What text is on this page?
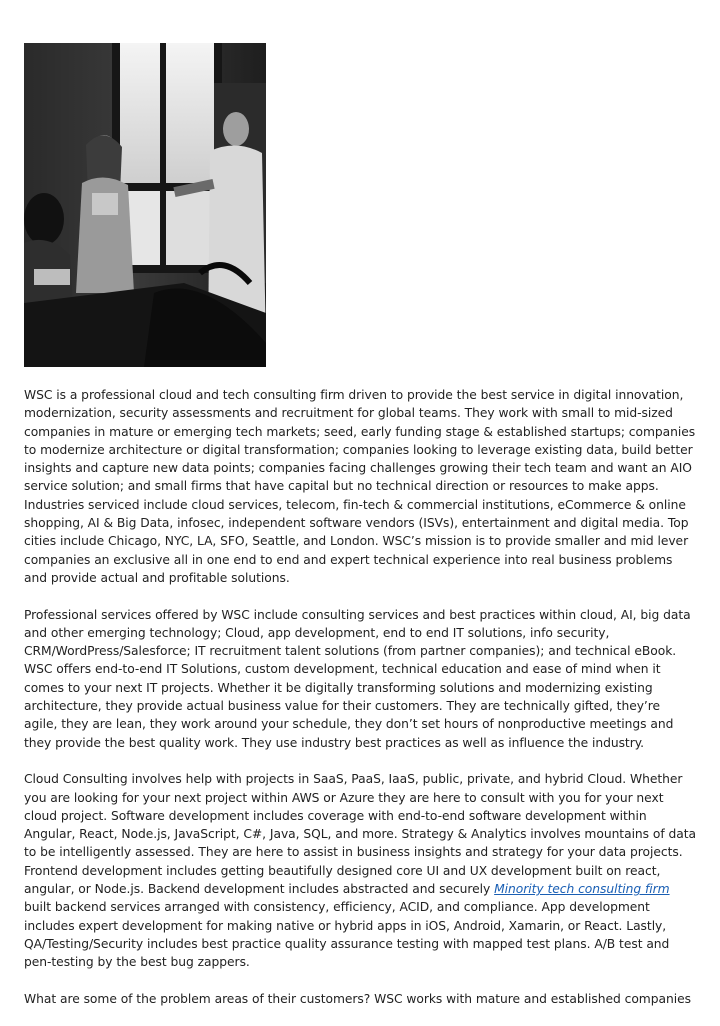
WSC is a professional cloud and tech consulting firm driven to provide the best service in digital innovation, modernization, security assessments and recruitment for global teams. They work with small to mid-sized companies in mature or emerging tech markets; seed, early funding stage & established startups; companies to modernize architecture or digital transformation; companies looking to leverage existing data, build better insights and capture new data points; companies facing challenges growing their tech team and want an AIO service solution; and small firms that have capital but no technical direction or resources to make apps. Industries serviced include cloud services, telecom, fin-tech & commercial institutions, eCommerce & online shopping, AI & Big Data, infosec, independent software vendors (ISVs), entertainment and digital media. Top cities include Chicago, NYC, LA, SFO, Seattle, and London. WSC’s mission is to provide smaller and mid lever companies an exclusive all in one end to end and expert technical experience into real business problems and provide actual and profitable solutions.

Professional services offered by WSC include consulting services and best practices within cloud, AI, big data and other emerging technology; Cloud, app development, end to end IT solutions, info security, CRM/WordPress/Salesforce; IT recruitment talent solutions (from partner companies); and technical eBook. WSC offers end-to-end IT Solutions, custom development, technical education and ease of mind when it comes to your next IT projects. Whether it be digitally transforming solutions and modernizing existing architecture, they provide actual business value for their customers. They are technically gifted, they’re agile, they are lean, they work around your schedule, they don’t set hours of nonproductive meetings and they provide the best quality work. They use industry best practices as well as influence the industry.

Cloud Consulting involves help with projects in SaaS, PaaS, IaaS, public, private, and hybrid Cloud. Whether you are looking for your next project within AWS or Azure they are here to consult with you for your next cloud project. Software development includes coverage with end-to-end software development within Angular, React, Node.js, JavaScript, C#, Java, SQL, and more. Strategy & Analytics involves mountains of data to be intelligently assessed. They are here to assist in business insights and strategy for your data projects. Frontend development includes getting beautifully designed core UI and UX development built on react, angular, or Node.js. Backend development includes abstracted and securely Minority tech consulting firm built backend services arranged with consistency, efficiency, ACID, and compliance. App development includes expert development for making native or hybrid apps in iOS, Android, Xamarin, or React. Lastly, QA/Testing/Security includes best practice quality assurance testing with mapped test plans. A/B test and pen-testing by the best bug zappers.

What are some of the problem areas of their customers? WSC works with mature and established companies
